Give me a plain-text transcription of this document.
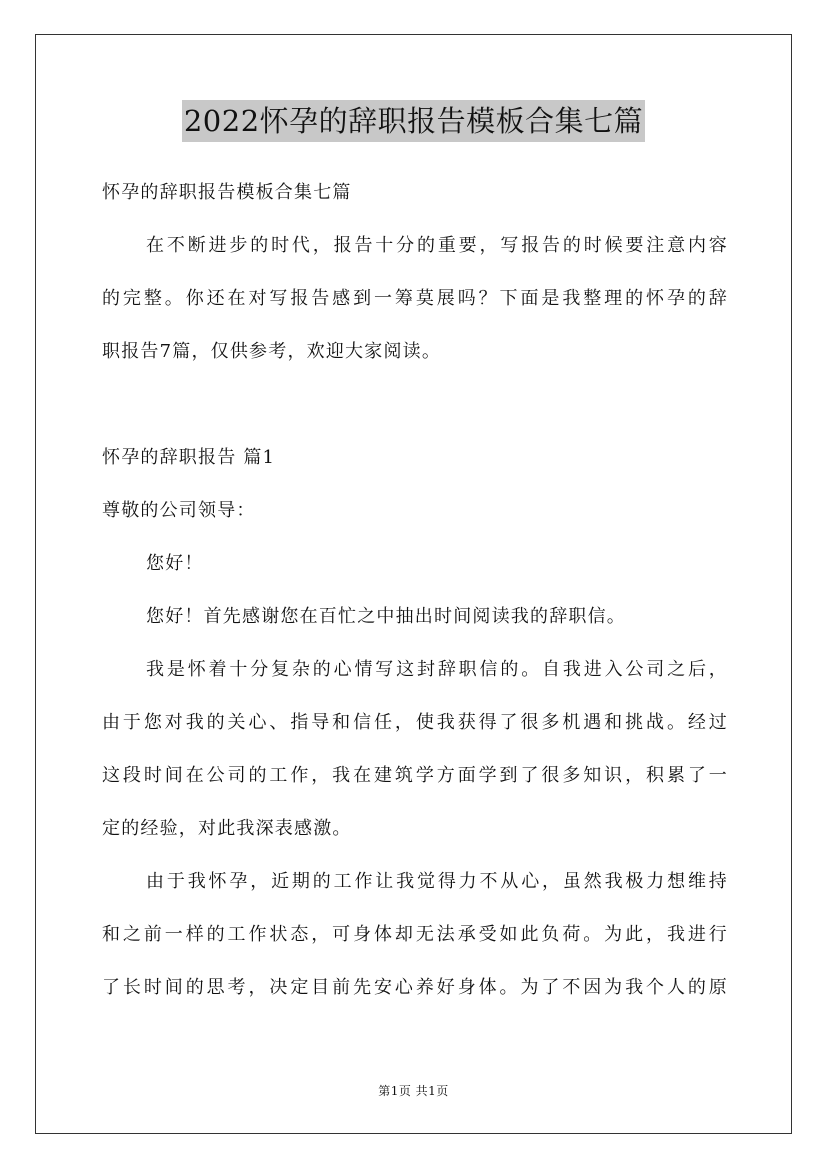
2022怀孕的辞职报告模板合集七篇
怀孕的辞职报告模板合集七篇
在不断进步的时代，报告十分的重要，写报告的时候要注意内容
的完整。你还在对写报告感到一筹莫展吗？下面是我整理的怀孕的辞
职报告7篇，仅供参考，欢迎大家阅读。
怀孕的辞职报告 篇1
尊敬的公司领导：
您好！
您好！首先感谢您在百忙之中抽出时间阅读我的辞职信。
我是怀着十分复杂的心情写这封辞职信的。自我进入公司之后，
由于您对我的关心、指导和信任，使我获得了很多机遇和挑战。经过
这段时间在公司的工作，我在建筑学方面学到了很多知识，积累了一
定的经验，对此我深表感激。
由于我怀孕，近期的工作让我觉得力不从心，虽然我极力想维持
和之前一样的工作状态，可身体却无法承受如此负荷。为此，我进行
了长时间的思考，决定目前先安心养好身体。为了不因为我个人的原
第1页 共1页
